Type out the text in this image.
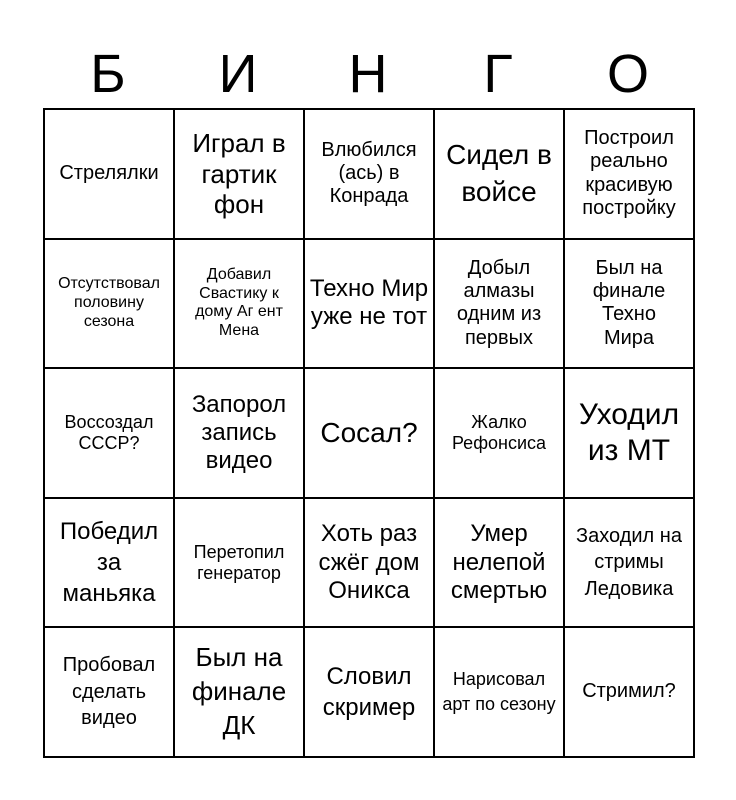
Б	И	Н	Г	О
Стрелялки	Играл в гартик фон	Влюбился (ась) в Конрада	Сидел в войсе	Построил реально красивую постройку
Отсутствовал половину сезона	Добавил Свастику к дому Аг ент Мена	Техно Мир уже не тот	Добыл алмазы одним из первых	Был на финале Техно Мира
Воссоздал СССР?	Запорол запись видео	Сосал?	Жалко Рефонсиса	Уходил из МТ
Победил за маньяка	Перетопил генератор	Хоть раз сжёг дом Оникса	Умер нелепой смертью	Заходил на стримы Ледовика
Пробовал сделать видео	Был на финале ДК	Словил скример	Нарисовал арт по сезону	Стримил?
